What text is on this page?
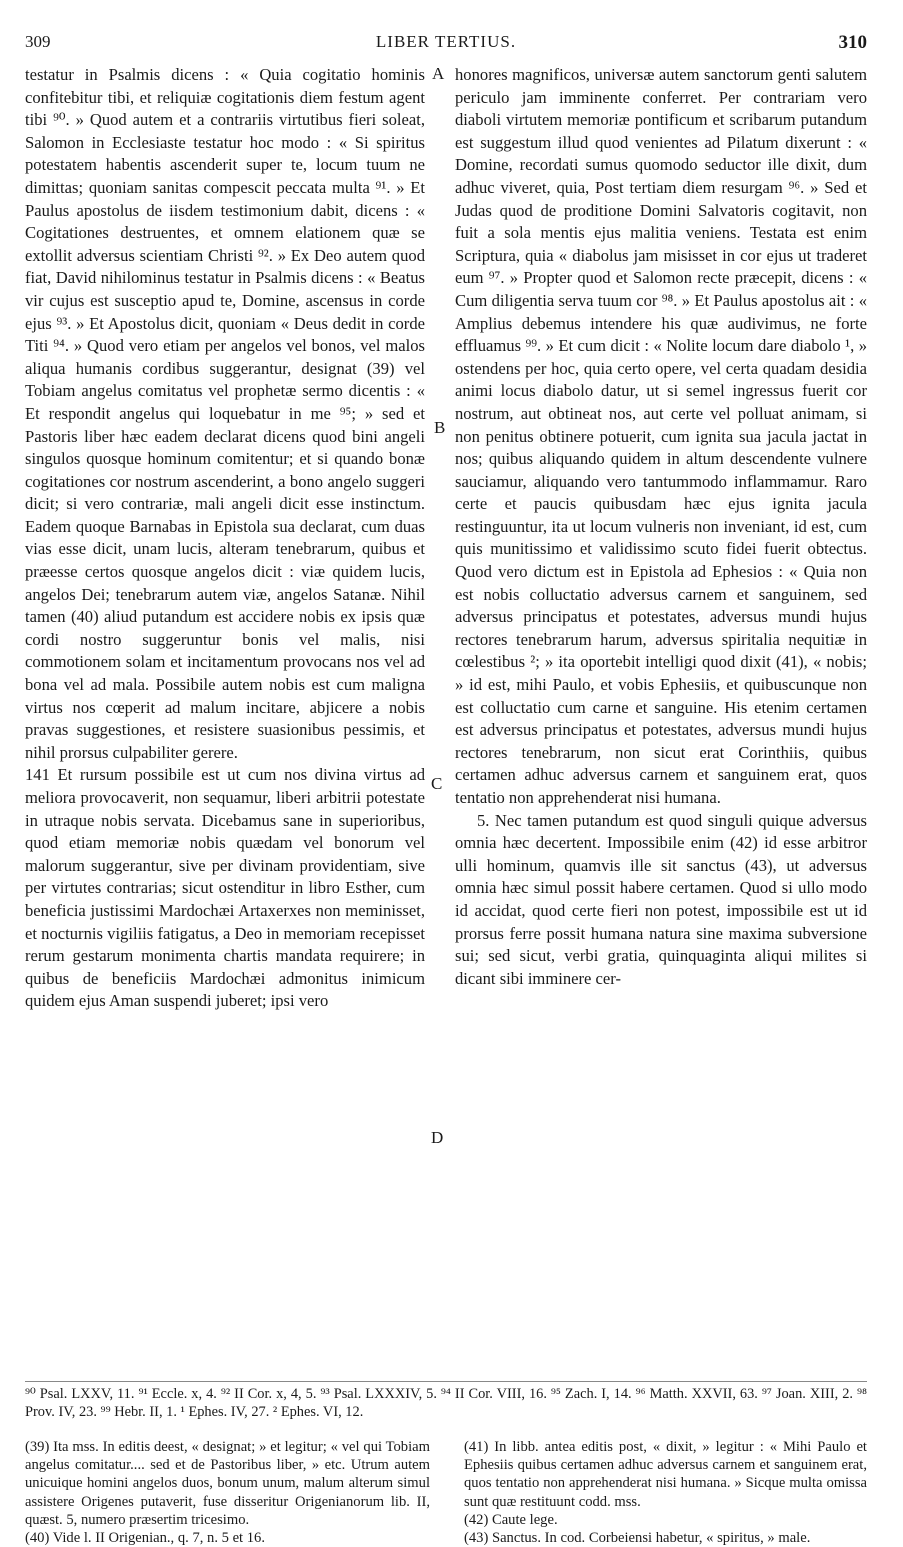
309	LIBER TERTIUS.	310

testatur in Psalmis dicens : « Quia cogitatio hominis confitebitur tibi, et reliquiæ cogitationis diem festum agent tibi ⁹⁰. » Quod autem et a contrariis virtutibus fieri soleat, Salomon in Ecclesiaste testatur hoc modo : « Si spiritus potestatem habentis ascenderit super te, locum tuum ne dimittas; quoniam sanitas compescit peccata multa ⁹¹. » Et Paulus apostolus de iisdem testimonium dabit, dicens : « Cogitationes destruentes, et omnem elationem quæ se extollit adversus scientiam Christi ⁹². » Ex Deo autem quod fiat, David nihilominus testatur in Psalmis dicens : « Beatus vir cujus est susceptio apud te, Domine, ascensus in corde ejus ⁹³. » Et Apostolus dicit, quoniam « Deus dedit in corde Titi ⁹⁴. » Quod vero etiam per angelos vel bonos, vel malos aliqua humanis cordibus suggerantur, designat (39) vel Tobiam angelus comitatus vel prophetæ sermo dicentis : « Et respondit angelus qui loquebatur in me ⁹⁵; » sed et Pastoris liber hæc eadem declarat dicens quod bini angeli singulos quosque hominum comitentur; et si quando bonæ cogitationes cor nostrum ascenderint, a bono angelo suggeri dicit; si vero contrariæ, mali angeli dicit esse instinctum. Eadem quoque Barnabas in Epistola sua declarat, cum duas vias esse dicit, unam lucis, alteram tenebrarum, quibus et præesse certos quosque angelos dicit : viæ quidem lucis, angelos Dei; tenebrarum autem viæ, angelos Satanæ. Nihil tamen (40) aliud putandum est accidere nobis ex ipsis quæ cordi nostro suggeruntur bonis vel malis, nisi commotionem solam et incitamentum provocans nos vel ad bona vel ad mala. Possibile autem nobis est cum maligna virtus nos cœperit ad malum incitare, abjicere a nobis pravas suggestiones, et resistere suasionibus pessimis, et nihil prorsus culpabiliter gerere.

141 Et rursum possibile est ut cum nos divina virtus ad meliora provocaverit, non sequamur, liberi arbitrii potestate in utraque nobis servata. Dicebamus sane in superioribus, quod etiam memoriæ nobis quædam vel bonorum vel malorum suggerantur, sive per divinam providentiam, sive per virtutes contrarias; sicut ostenditur in libro Esther, cum beneficia justissimi Mardochæi Artaxerxes non meminisset, et nocturnis vigiliis fatigatus, a Deo in memoriam recepisset rerum gestarum monimenta chartis mandata requirere; in quibus de beneficiis Mardochæi admonitus inimicum quidem ejus Aman suspendi juberet; ipsi vero

A
B
C
D

honores magnificos, universæ autem sanctorum genti salutem periculo jam imminente conferret. Per contrariam vero diaboli virtutem memoriæ pontificum et scribarum putandum est suggestum illud quod venientes ad Pilatum dixerunt : « Domine, recordati sumus quomodo seductor ille dixit, dum adhuc viveret, quia, Post tertiam diem resurgam ⁹⁶. » Sed et Judas quod de proditione Domini Salvatoris cogitavit, non fuit a sola mentis ejus malitia veniens. Testata est enim Scriptura, quia « diabolus jam misisset in cor ejus ut traderet eum ⁹⁷. » Propter quod et Salomon recte præcepit, dicens : « Cum diligentia serva tuum cor ⁹⁸. » Et Paulus apostolus ait : « Amplius debemus intendere his quæ audivimus, ne forte effluamus ⁹⁹. » Et cum dicit : « Nolite locum dare diabolo ¹, » ostendens per hoc, quia certo opere, vel certa quadam desidia animi locus diabolo datur, ut si semel ingressus fuerit cor nostrum, aut obtineat nos, aut certe vel polluat animam, si non penitus obtinere potuerit, cum ignita sua jacula jactat in nos; quibus aliquando quidem in altum descendente vulnere sauciamur, aliquando vero tantummodo inflammamur. Raro certe et paucis quibusdam hæc ejus ignita jacula restinguuntur, ita ut locum vulneris non inveniant, id est, cum quis munitissimo et validissimo scuto fidei fuerit obtectus. Quod vero dictum est in Epistola ad Ephesios : « Quia non est nobis colluctatio adversus carnem et sanguinem, sed adversus principatus et potestates, adversus mundi hujus rectores tenebrarum harum, adversus spiritalia nequitiæ in cœlestibus ²; » ita oportebit intelligi quod dixit (41), « nobis; » id est, mihi Paulo, et vobis Ephesiis, et quibuscunque non est colluctatio cum carne et sanguine. His etenim certamen est adversus principatus et potestates, adversus mundi hujus rectores tenebrarum, non sicut erat Corinthiis, quibus certamen adhuc adversus carnem et sanguinem erat, quos tentatio non apprehenderat nisi humana.

5. Nec tamen putandum est quod singuli quique adversus omnia hæc decertent. Impossibile enim (42) id esse arbitror ulli hominum, quamvis ille sit sanctus (43), ut adversus omnia hæc simul possit habere certamen. Quod si ullo modo id accidat, quod certe fieri non potest, impossibile est ut id prorsus ferre possit humana natura sine maxima subversione sui; sed sicut, verbi gratia, quinquaginta aliqui milites si dicant sibi imminere cer-

⁹⁰ Psal. LXXV, 11. ⁹¹ Eccle. x, 4. ⁹² II Cor. x, 4, 5. ⁹³ Psal. LXXXIV, 5. ⁹⁴ II Cor. VIII, 16. ⁹⁵ Zach. I, 14. ⁹⁶ Matth. XXVII, 63. ⁹⁷ Joan. XIII, 2. ⁹⁸ Prov. IV, 23. ⁹⁹ Hebr. II, 1. ¹ Ephes. IV, 27. ² Ephes. VI, 12.

(39) Ita mss. In editis deest, « designat; » et legitur; « vel qui Tobiam angelus comitatur.... sed et de Pastoribus liber, » etc. Utrum autem unicuique homini angelos duos, bonum unum, malum alterum simul assistere Origenes putaverit, fuse disseritur Origenianorum lib. II, quæst. 5, numero præsertim tricesimo.

(40) Vide l. II Origenian., q. 7, n. 5 et 16.

(41) In libb. antea editis post, « dixit, » legitur : « Mihi Paulo et Ephesiis quibus certamen adhuc adversus carnem et sanguinem erat, quos tentatio non apprehenderat nisi humana. » Sicque multa omissa sunt quæ restituunt codd. mss.

(42) Caute lege.

(43) Sanctus. In cod. Corbeiensi habetur, « spiritus, » male.
